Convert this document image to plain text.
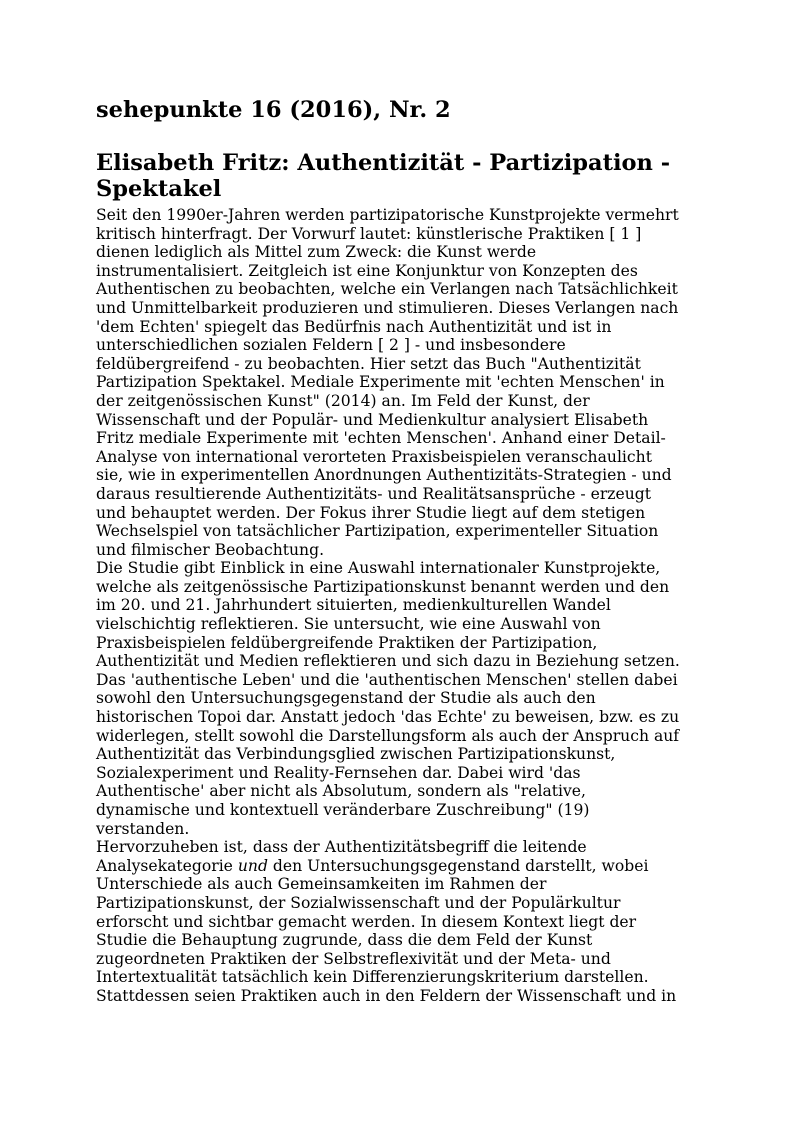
sehepunkte 16 (2016), Nr. 2
Elisabeth Fritz: Authentizität - Partizipation -
Spektakel

Seit den 1990er-Jahren werden partizipatorische Kunstprojekte vermehrt
kritisch hinterfragt. Der Vorwurf lautet: künstlerische Praktiken [ 1 ]
dienen lediglich als Mittel zum Zweck: die Kunst werde
instrumentalisiert. Zeitgleich ist eine Konjunktur von Konzepten des
Authentischen zu beobachten, welche ein Verlangen nach Tatsächlichkeit
und Unmittelbarkeit produzieren und stimulieren. Dieses Verlangen nach
'dem Echten' spiegelt das Bedürfnis nach Authentizität und ist in
unterschiedlichen sozialen Feldern [ 2 ] - und insbesondere
feldübergreifend - zu beobachten. Hier setzt das Buch "Authentizität
Partizipation Spektakel. Mediale Experimente mit 'echten Menschen' in
der zeitgenössischen Kunst" (2014) an. Im Feld der Kunst, der
Wissenschaft und der Populär- und Medienkultur analysiert Elisabeth
Fritz mediale Experimente mit 'echten Menschen'. Anhand einer Detail-
Analyse von international verorteten Praxisbeispielen veranschaulicht
sie, wie in experimentellen Anordnungen Authentizitäts-Strategien - und
daraus resultierende Authentizitäts- und Realitätsansprüche - erzeugt
und behauptet werden. Der Fokus ihrer Studie liegt auf dem stetigen
Wechselspiel von tatsächlicher Partizipation, experimenteller Situation
und filmischer Beobachtung.

Die Studie gibt Einblick in eine Auswahl internationaler Kunstprojekte,
welche als zeitgenössische Partizipationskunst benannt werden und den
im 20. und 21. Jahrhundert situierten, medienkulturellen Wandel
vielschichtig reflektieren. Sie untersucht, wie eine Auswahl von
Praxisbeispielen feldübergreifende Praktiken der Partizipation,
Authentizität und Medien reflektieren und sich dazu in Beziehung setzen.
Das 'authentische Leben' und die 'authentischen Menschen' stellen dabei
sowohl den Untersuchungsgegenstand der Studie als auch den
historischen Topoi dar. Anstatt jedoch 'das Echte' zu beweisen, bzw. es zu
widerlegen, stellt sowohl die Darstellungsform als auch der Anspruch auf
Authentizität das Verbindungsglied zwischen Partizipationskunst,
Sozialexperiment und Reality-Fernsehen dar. Dabei wird 'das
Authentische' aber nicht als Absolutum, sondern als "relative,
dynamische und kontextuell veränderbare Zuschreibung" (19)
verstanden.

Hervorzuheben ist, dass der Authentizitätsbegriff die leitende
Analysekategorie und den Untersuchungsgegenstand darstellt, wobei
Unterschiede als auch Gemeinsamkeiten im Rahmen der
Partizipationskunst, der Sozialwissenschaft und der Populärkultur
erforscht und sichtbar gemacht werden. In diesem Kontext liegt der
Studie die Behauptung zugrunde, dass die dem Feld der Kunst
zugeordneten Praktiken der Selbstreflexivität und der Meta- und
Intertextualität tatsächlich kein Differenzierungskriterium darstellen.
Stattdessen seien Praktiken auch in den Feldern der Wissenschaft und in
